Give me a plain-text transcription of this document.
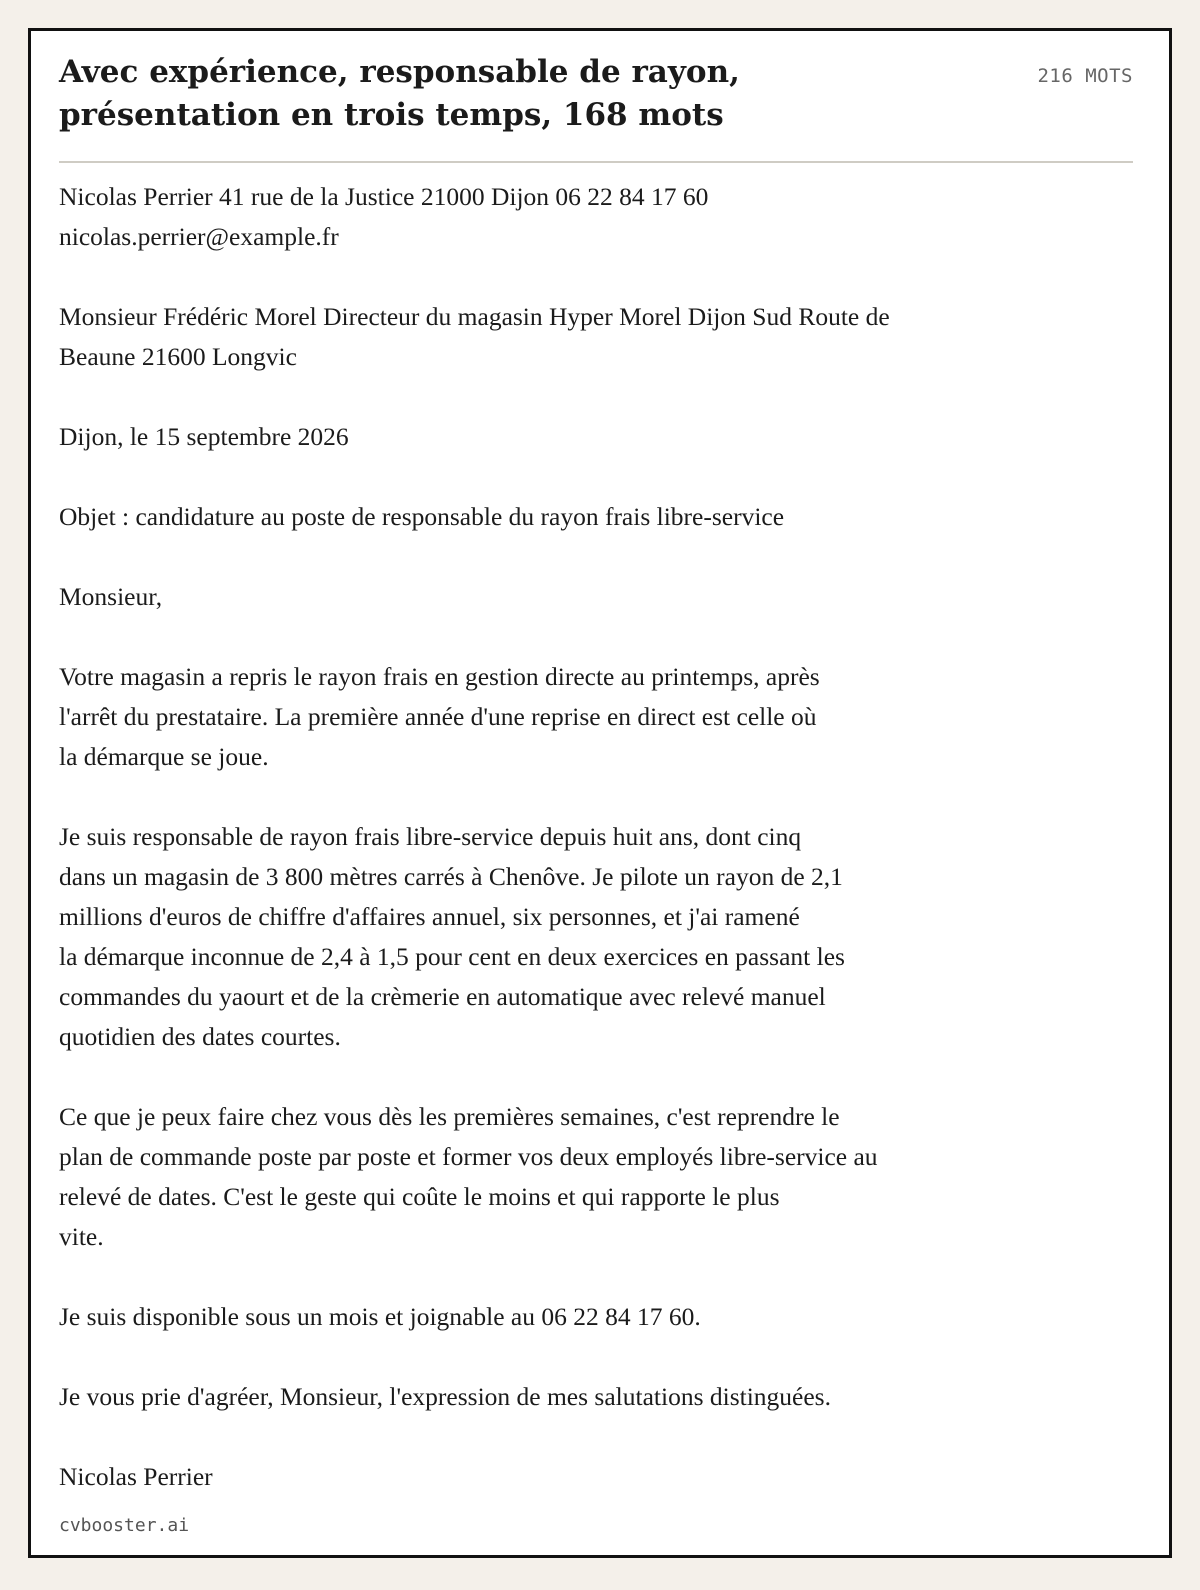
Avec expérience, responsable de rayon, présentation en trois temps, 168 mots
216 MOTS

Nicolas Perrier 41 rue de la Justice 21000 Dijon 06 22 84 17 60
nicolas.perrier@example.fr

Monsieur Frédéric Morel Directeur du magasin Hyper Morel Dijon Sud Route de
Beaune 21600 Longvic

Dijon, le 15 septembre 2026

Objet : candidature au poste de responsable du rayon frais libre-service

Monsieur,

Votre magasin a repris le rayon frais en gestion directe au printemps, après
l'arrêt du prestataire. La première année d'une reprise en direct est celle où
la démarque se joue.

Je suis responsable de rayon frais libre-service depuis huit ans, dont cinq
dans un magasin de 3 800 mètres carrés à Chenôve. Je pilote un rayon de 2,1
millions d'euros de chiffre d'affaires annuel, six personnes, et j'ai ramené
la démarque inconnue de 2,4 à 1,5 pour cent en deux exercices en passant les
commandes du yaourt et de la crèmerie en automatique avec relevé manuel
quotidien des dates courtes.

Ce que je peux faire chez vous dès les premières semaines, c'est reprendre le
plan de commande poste par poste et former vos deux employés libre-service au
relevé de dates. C'est le geste qui coûte le moins et qui rapporte le plus
vite.

Je suis disponible sous un mois et joignable au 06 22 84 17 60.

Je vous prie d'agréer, Monsieur, l'expression de mes salutations distinguées.

Nicolas Perrier

cvbooster.ai
